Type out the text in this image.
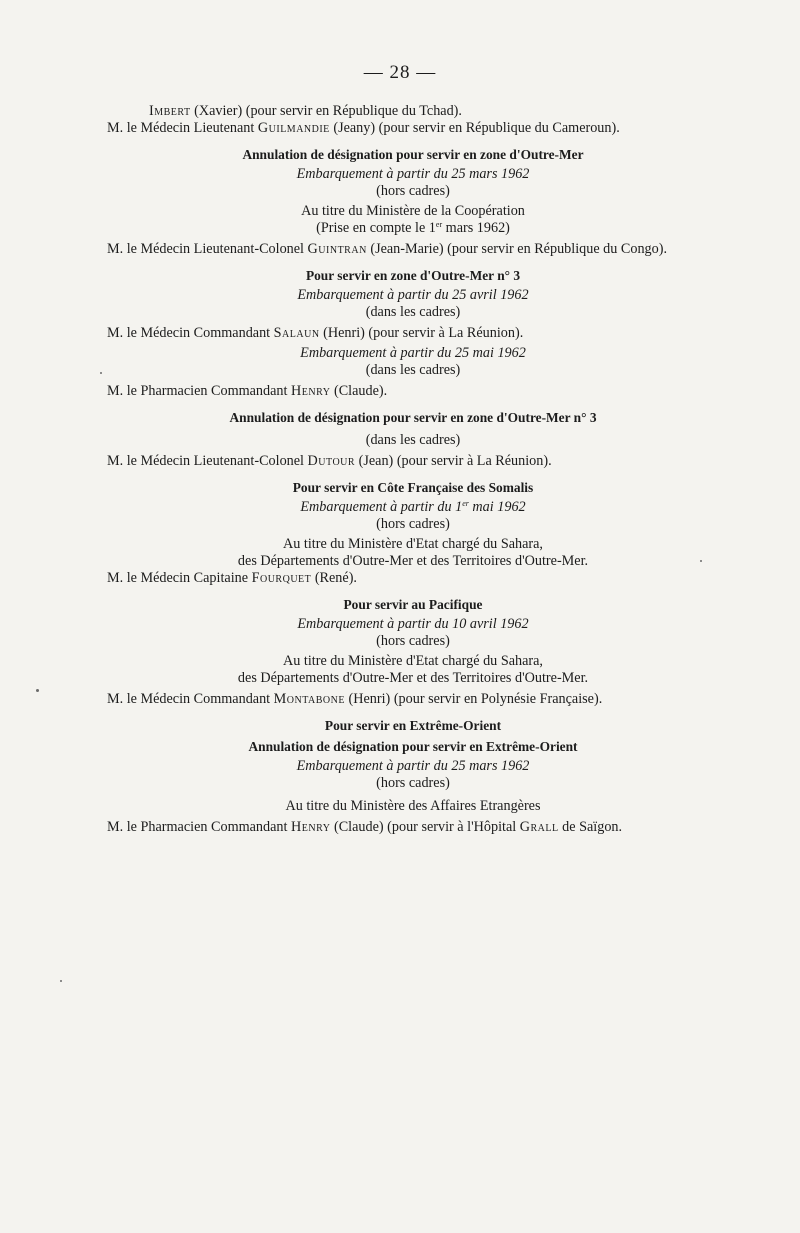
— 28 —

Imbert (Xavier) (pour servir en République du Tchad).

M. le Médecin Lieutenant Guilmandie (Jeany) (pour servir en République du Cameroun).

Annulation de désignation pour servir en zone d'Outre-Mer

Embarquement à partir du 25 mars 1962

(hors cadres)

Au titre du Ministère de la Coopération

(Prise en compte le 1er mars 1962)

M. le Médecin Lieutenant-Colonel Guintran (Jean-Marie) (pour servir en République du Congo).

Pour servir en zone d'Outre-Mer n° 3

Embarquement à partir du 25 avril 1962

(dans les cadres)

M. le Médecin Commandant Salaun (Henri) (pour servir à La Réunion).

Embarquement à partir du 25 mai 1962

(dans les cadres)

M. le Pharmacien Commandant Henry (Claude).

Annulation de désignation pour servir en zone d'Outre-Mer n° 3

(dans les cadres)

M. le Médecin Lieutenant-Colonel Dutour (Jean) (pour servir à La Réunion).

Pour servir en Côte Française des Somalis

Embarquement à partir du 1er mai 1962

(hors cadres)

Au titre du Ministère d'Etat chargé du Sahara,

des Départements d'Outre-Mer et des Territoires d'Outre-Mer.

M. le Médecin Capitaine Fourquet (René).

Pour servir au Pacifique

Embarquement à partir du 10 avril 1962

(hors cadres)

Au titre du Ministère d'Etat chargé du Sahara,

des Départements d'Outre-Mer et des Territoires d'Outre-Mer.

M. le Médecin Commandant Montabone (Henri) (pour servir en Polynésie Française).

Pour servir en Extrême-Orient

Annulation de désignation pour servir en Extrême-Orient

Embarquement à partir du 25 mars 1962

(hors cadres)

Au titre du Ministère des Affaires Etrangères

M. le Pharmacien Commandant Henry (Claude) (pour servir à l'Hôpital Grall de Saïgon.
